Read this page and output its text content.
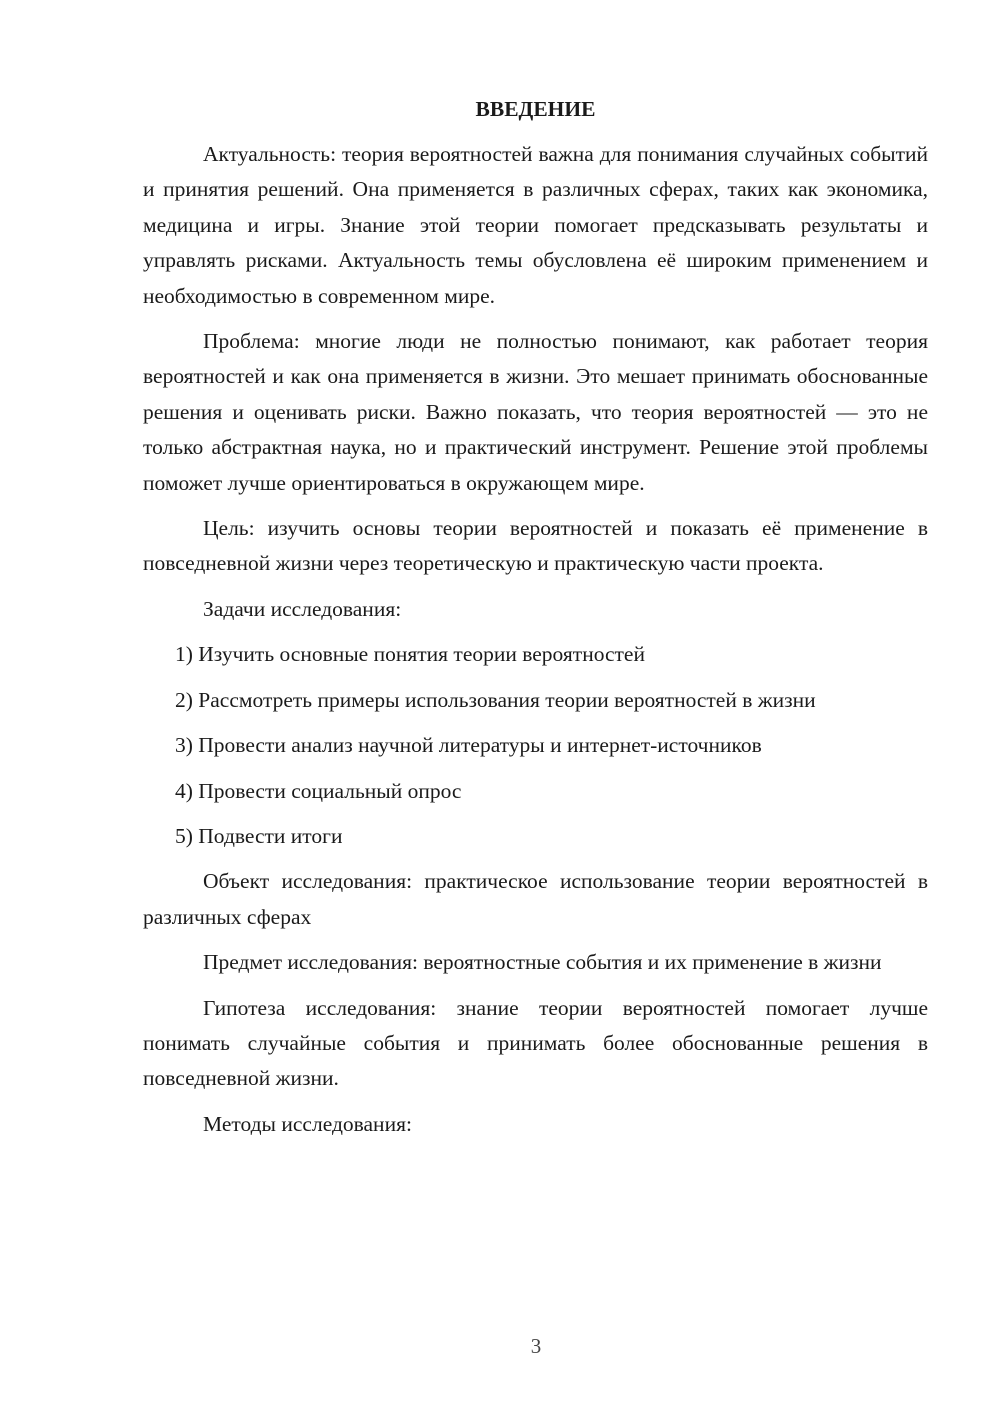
ВВЕДЕНИЕ

Актуальность: теория вероятностей важна для понимания случайных событий и принятия решений. Она применяется в различных сферах, таких как экономика, медицина и игры. Знание этой теории помогает предсказывать результаты и управлять рисками. Актуальность темы обусловлена её широким применением и необходимостью в современном мире.

Проблема: многие люди не полностью понимают, как работает теория вероятностей и как она применяется в жизни. Это мешает принимать обоснованные решения и оценивать риски. Важно показать, что теория вероятностей — это не только абстрактная наука, но и практический инструмент. Решение этой проблемы поможет лучше ориентироваться в окружающем мире.

Цель: изучить основы теории вероятностей и показать её применение в повседневной жизни через теоретическую и практическую части проекта.

Задачи исследования:

1) Изучить основные понятия теории вероятностей
2) Рассмотреть примеры использования теории вероятностей в жизни
3) Провести анализ научной литературы и интернет-источников
4) Провести социальный опрос
5) Подвести итоги

Объект исследования: практическое использование теории вероятностей в различных сферах

Предмет исследования: вероятностные события и их применение в жизни

Гипотеза исследования: знание теории вероятностей помогает лучше понимать случайные события и принимать более обоснованные решения в повседневной жизни.

Методы исследования:

3
